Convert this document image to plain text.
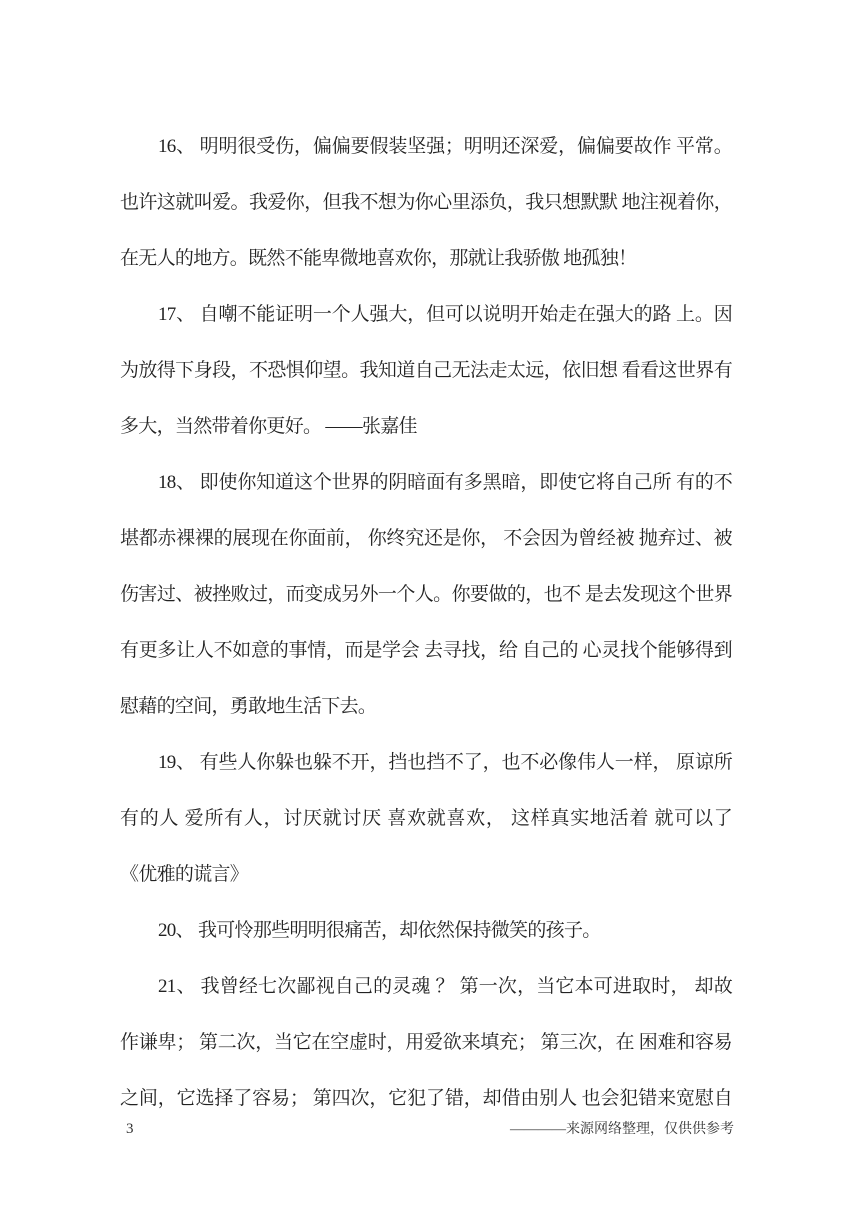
16、 明明很受伤，偏偏要假装坚强；明明还深爱，偏偏要故作 平常。
也许这就叫爱。我爱你，但我不想为你心里添负，我只想默默 地注视着你，
在无人的地方。既然不能卑微地喜欢你，那就让我骄傲 地孤独！
17、 自嘲不能证明一个人强大，但可以说明开始走在强大的路 上。因
为放得下身段，不恐惧仰望。我知道自己无法走太远，依旧想 看看这世界有
多大，当然带着你更好。 ——张嘉佳
18、 即使你知道这个世界的阴暗面有多黑暗，即使它将自己所 有的不
堪都赤裸裸的展现在你面前， 你终究还是你， 不会因为曾经被 抛弃过、被
伤害过、被挫败过，而变成另外一个人。你要做的，也不 是去发现这个世界
有更多让人不如意的事情，而是学会 去寻找，给 自己的 心灵找个能够得到
慰藉的空间，勇敢地生活下去。
19、 有些人你躲也躲不开，挡也挡不了，也不必像伟人一样， 原谅所
有的人 爱所有人，讨厌就讨厌 喜欢就喜欢， 这样真实地活着 就可以了
《优雅的谎言》
20、 我可怜那些明明很痛苦，却依然保持微笑的孩子。
21、 我曾经七次鄙视自己的灵魂 ？ 第一次，当它本可进取时， 却故
作谦卑； 第二次，当它在空虚时，用爱欲来填充； 第三次，在 困难和容易
之间，它选择了容易； 第四次，它犯了错，却借由别人 也会犯错来宽慰自
3	————来源网络整理，仅供供参考
